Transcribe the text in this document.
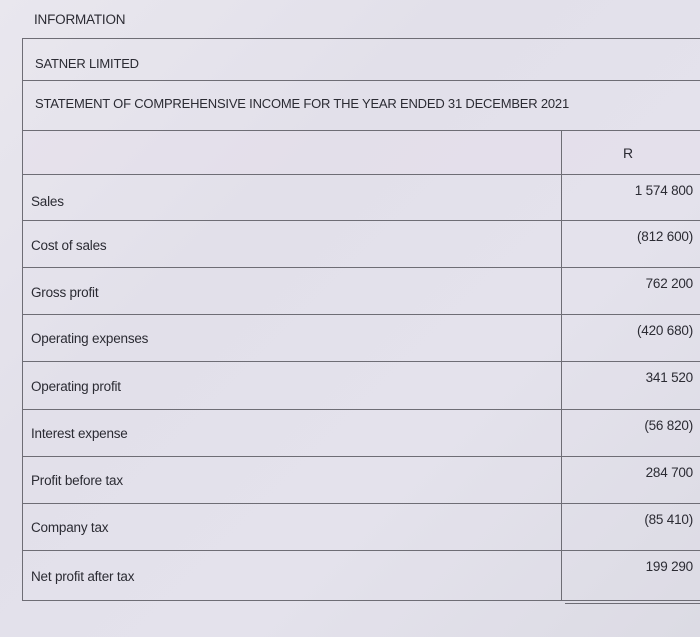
INFORMATION
SATNER LIMITED
STATEMENT OF COMPREHENSIVE INCOME FOR THE YEAR ENDED 31 DECEMBER 2021
R
Sales
1 574 800
Cost of sales
(812 600)
Gross profit
762 200
Operating expenses
(420 680)
Operating profit
341 520
Interest expense
(56 820)
Profit before tax
284 700
Company tax
(85 410)
Net profit after tax
199 290
